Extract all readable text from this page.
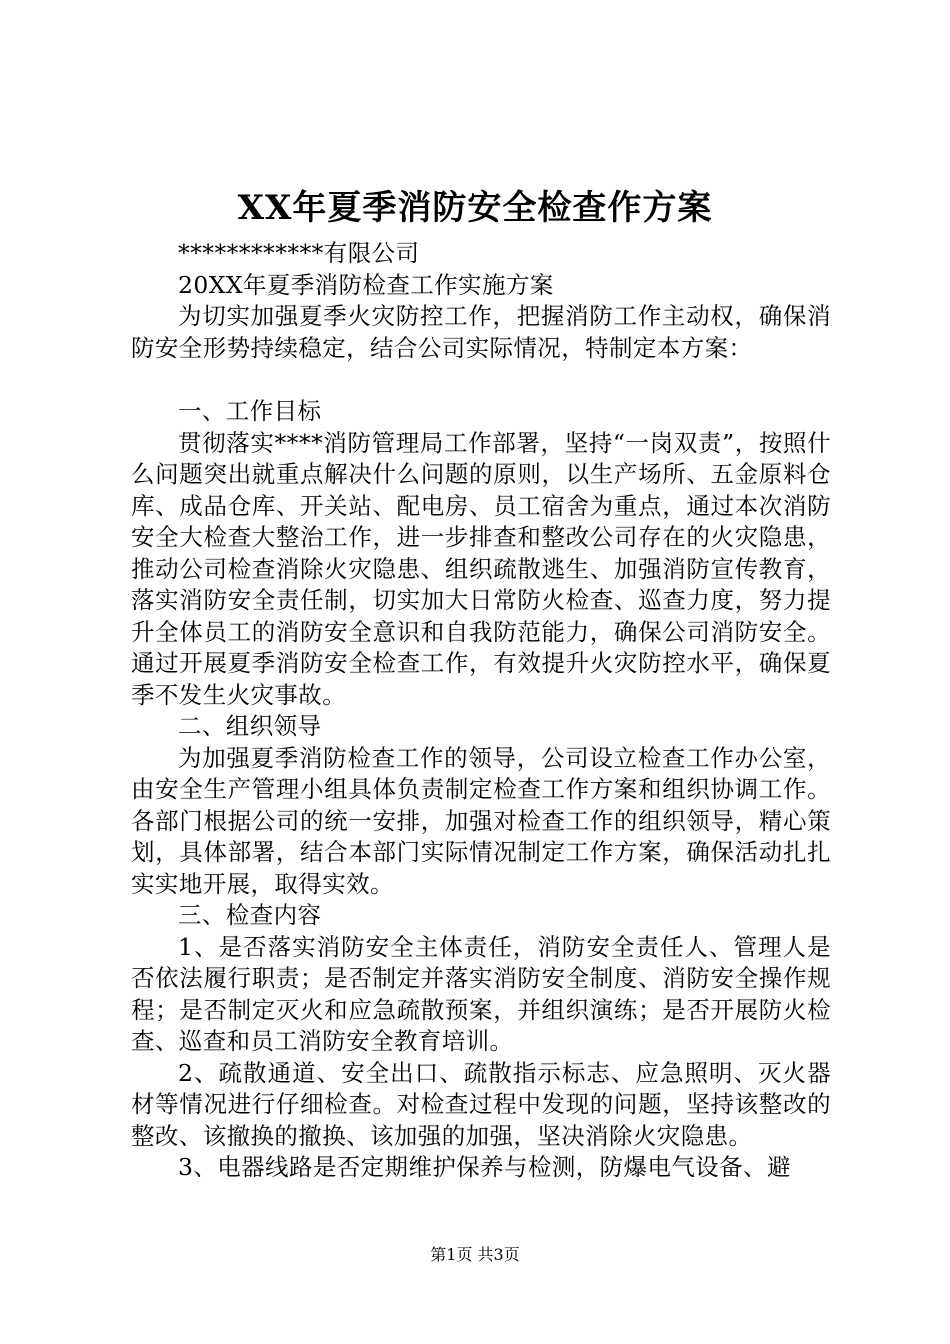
XX年夏季消防安全检查作方案

************有限公司

20XX年夏季消防检查工作实施方案

为切实加强夏季火灾防控工作，把握消防工作主动权，确保消防安全形势持续稳定，结合公司实际情况，特制定本方案：

一、工作目标

贯彻落实****消防管理局工作部署，坚持“一岗双责”，按照什么问题突出就重点解决什么问题的原则，以生产场所、五金原料仓库、成品仓库、开关站、配电房、员工宿舍为重点，通过本次消防安全大检查大整治工作，进一步排查和整改公司存在的火灾隐患，推动公司检查消除火灾隐患、组织疏散逃生、加强消防宣传教育，落实消防安全责任制，切实加大日常防火检查、巡查力度，努力提升全体员工的消防安全意识和自我防范能力，确保公司消防安全。通过开展夏季消防安全检查工作，有效提升火灾防控水平，确保夏季不发生火灾事故。

二、组织领导

为加强夏季消防检查工作的领导，公司设立检查工作办公室，由安全生产管理小组具体负责制定检查工作方案和组织协调工作。各部门根据公司的统一安排，加强对检查工作的组织领导，精心策划，具体部署，结合本部门实际情况制定工作方案，确保活动扎扎实实地开展，取得实效。

三、检查内容

1、是否落实消防安全主体责任，消防安全责任人、管理人是否依法履行职责；是否制定并落实消防安全制度、消防安全操作规程；是否制定灭火和应急疏散预案，并组织演练；是否开展防火检查、巡查和员工消防安全教育培训。

2、疏散通道、安全出口、疏散指示标志、应急照明、灭火器材等情况进行仔细检查。对检查过程中发现的问题，坚持该整改的整改、该撤换的撤换、该加强的加强，坚决消除火灾隐患。

3、电器线路是否定期维护保养与检测，防爆电气设备、避

第1页 共3页
